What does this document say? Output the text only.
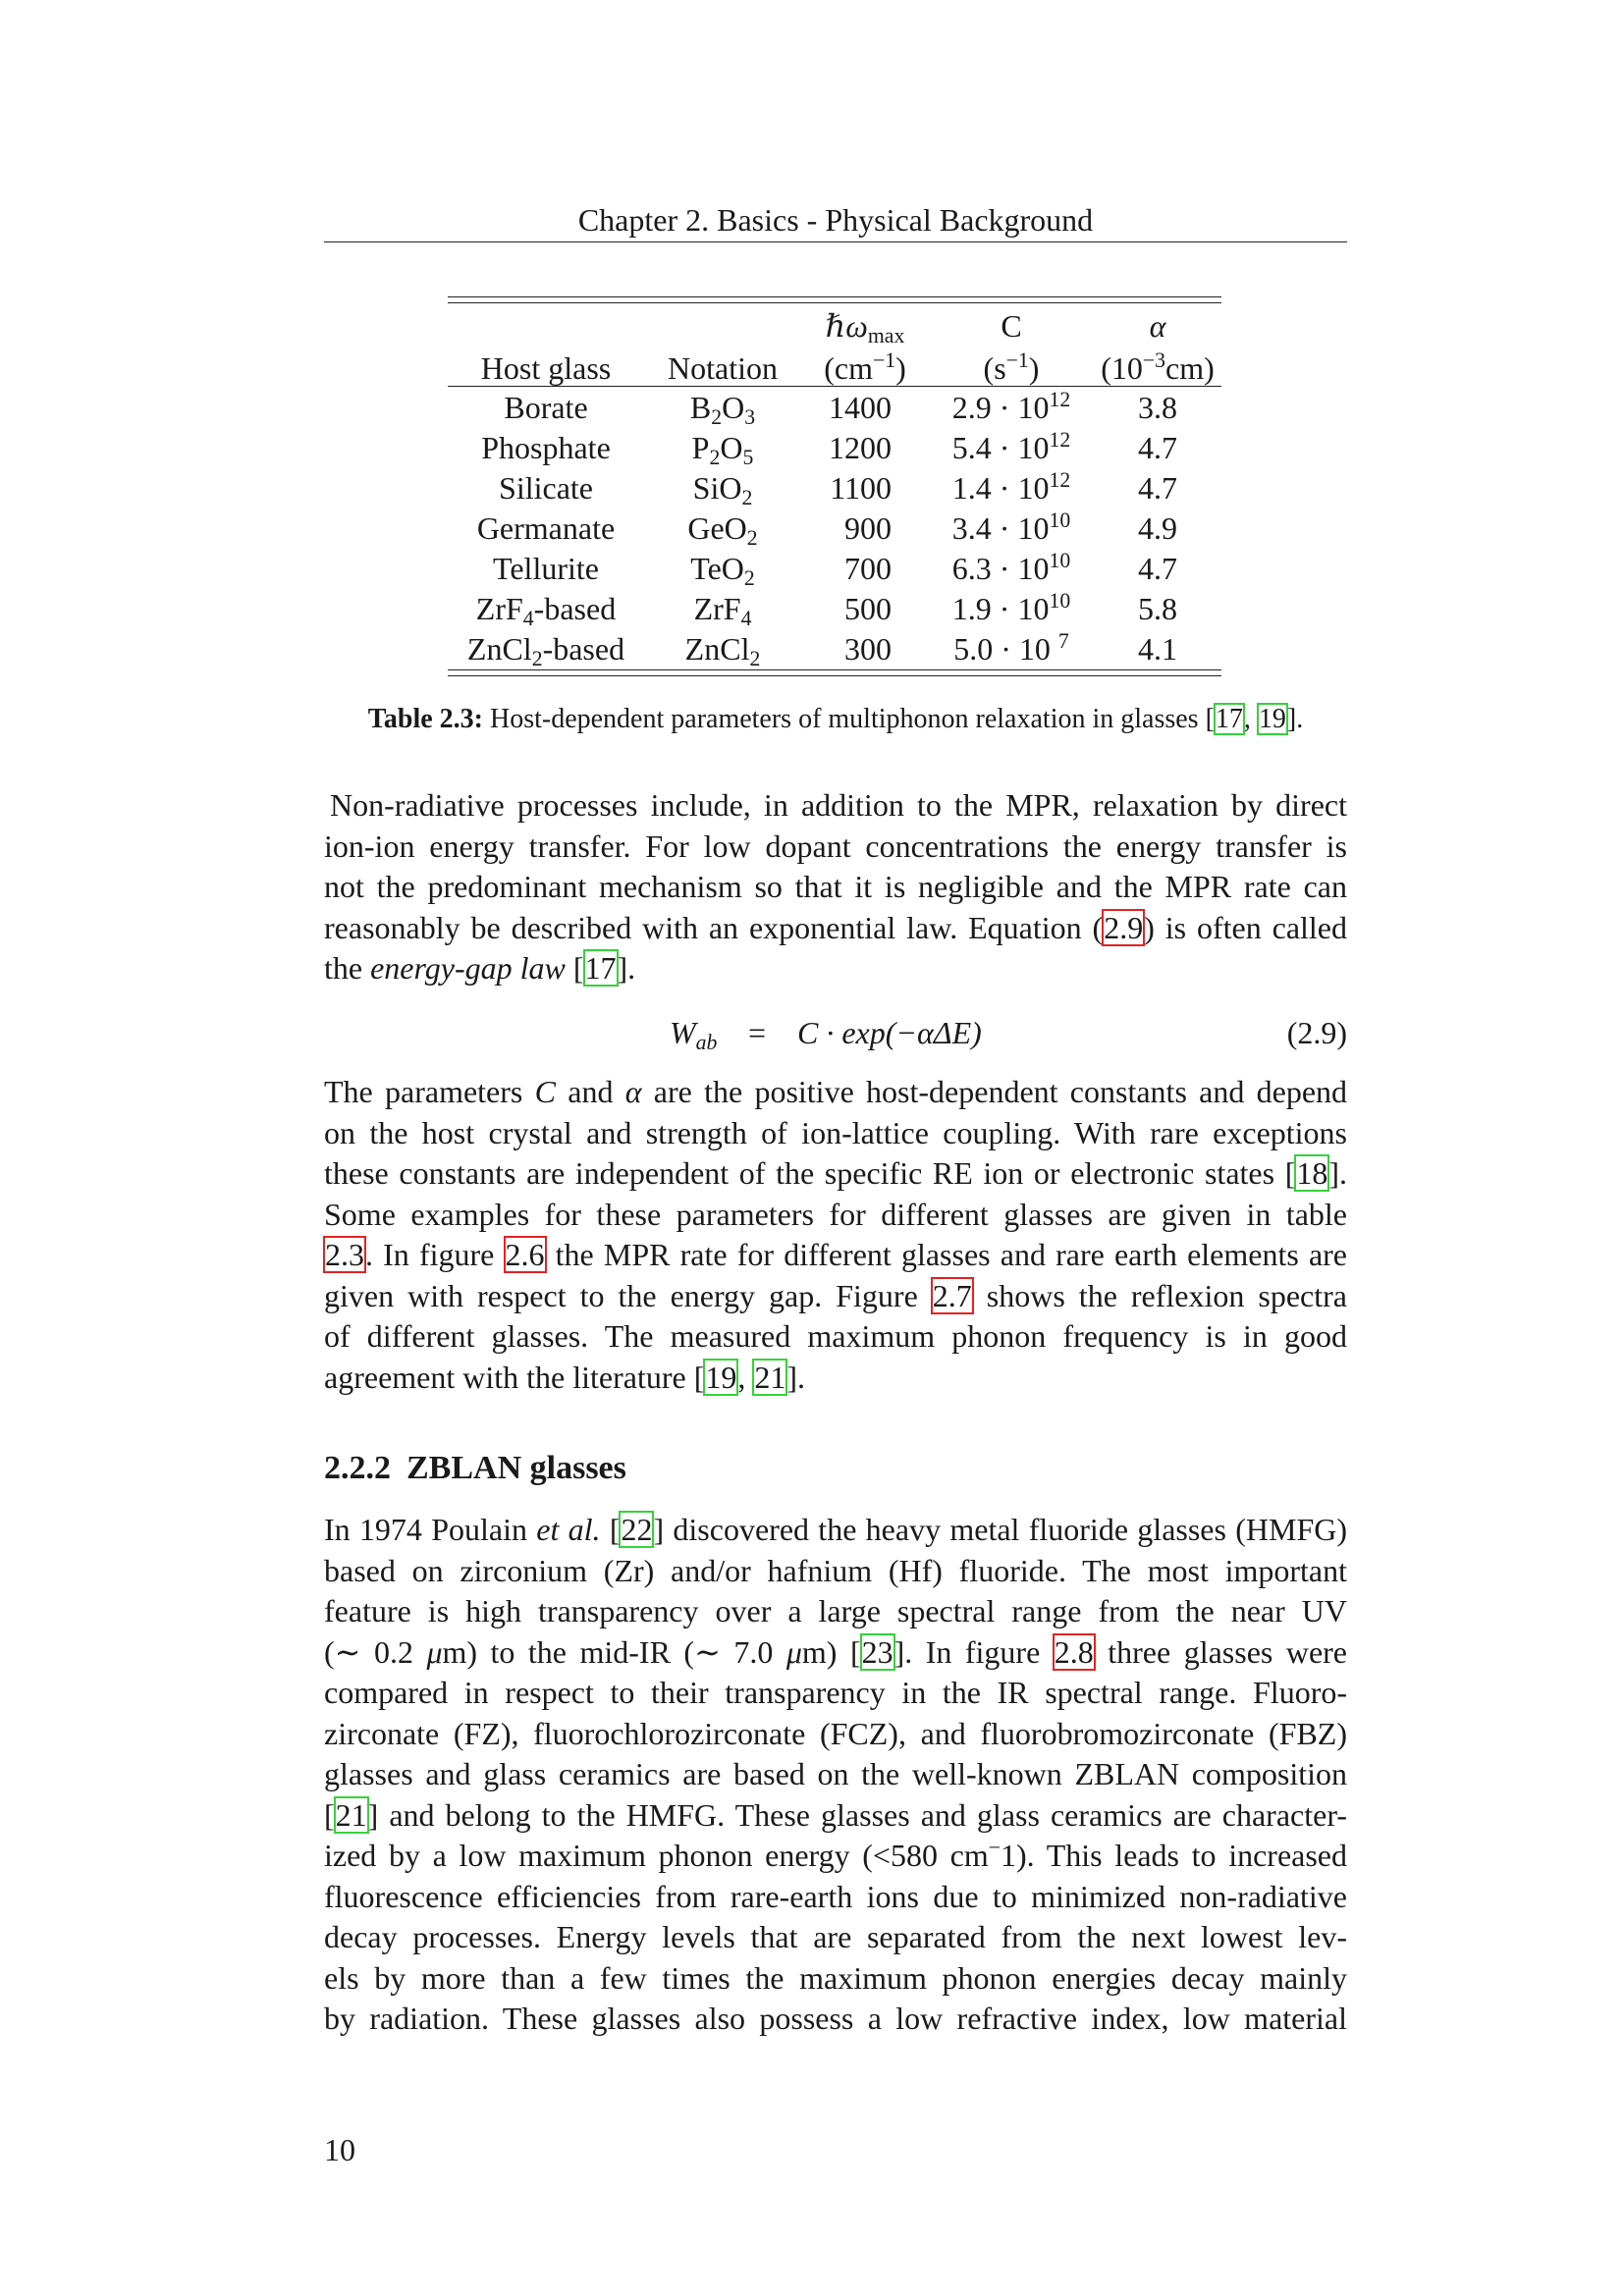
Chapter 2. Basics - Physical Background
		ℏω$_{max}$	C	α
Host glass	Notation	$(cm^{-1})$	$(s^{-1})$	$(10^{-3}cm)$
Borate	$B_2O_3$	1400	$2.9 \cdot 10^{12}$	3.8
Phosphate	$P_2O_5$	1200	$5.4 \cdot 10^{12}$	4.7
Silicate	SiO$_2$	1100	$1.4 \cdot 10^{12}$	4.7
Germanate	GeO$_2$	900	$3.4 \cdot 10^{10}$	4.9
Tellurite	TeO$_2$	700	$6.3 \cdot 10^{10}$	4.7
ZrF$_4$-based	ZrF$_4$	500	$1.9 \cdot 10^{10}$	5.8
ZnCl$_2$-based	ZnCl$_2$	300	5.0 · 10 $^7$	4.1
Table 2.3: Host-dependent parameters of multiphonon relaxation in glasses [17, 19].
Non-radiative processes include, in addition to the MPR, relaxation by direct
ion-ion energy transfer. For low dopant concentrations the energy transfer is
not the predominant mechanism so that it is negligible and the MPR rate can
reasonably be described with an exponential law. Equation (2.9) is often called
the energy-gap law [17].
$W_{ab} = C \cdot \exp(-\alpha\Delta E)$	(2.9)
The parameters C and α are the positive host-dependent constants and depend
on the host crystal and strength of ion-lattice coupling. With rare exceptions
these constants are independent of the specific RE ion or electronic states [18].
Some examples for these parameters for different glasses are given in table
2.3. In figure 2.6 the MPR rate for different glasses and rare earth elements are
given with respect to the energy gap. Figure 2.7 shows the reflexion spectra
of different glasses. The measured maximum phonon frequency is in good
agreement with the literature [19, 21].
2.2.2 ZBLAN glasses
In 1974 Poulain et al. [22] discovered the heavy metal fluoride glasses (HMFG)
based on zirconium (Zr) and/or hafnium (Hf) fluoride. The most important
feature is high transparency over a large spectral range from the near UV
(∼ 0.2 μm) to the mid-IR (∼ 7.0 μm) [23]. In figure 2.8 three glasses were
compared in respect to their transparency in the IR spectral range. Fluoro-
zirconate (FZ), fluorochlorozirconate (FCZ), and fluorobromozirconate (FBZ)
glasses and glass ceramics are based on the well-known ZBLAN composition
[21] and belong to the HMFG. These glasses and glass ceramics are character-
ized by a low maximum phonon energy (<580 cm−1). This leads to increased
fluorescence efficiencies from rare-earth ions due to minimized non-radiative
decay processes. Energy levels that are separated from the next lowest lev-
els by more than a few times the maximum phonon energies decay mainly
by radiation. These glasses also possess a low refractive index, low material
10
